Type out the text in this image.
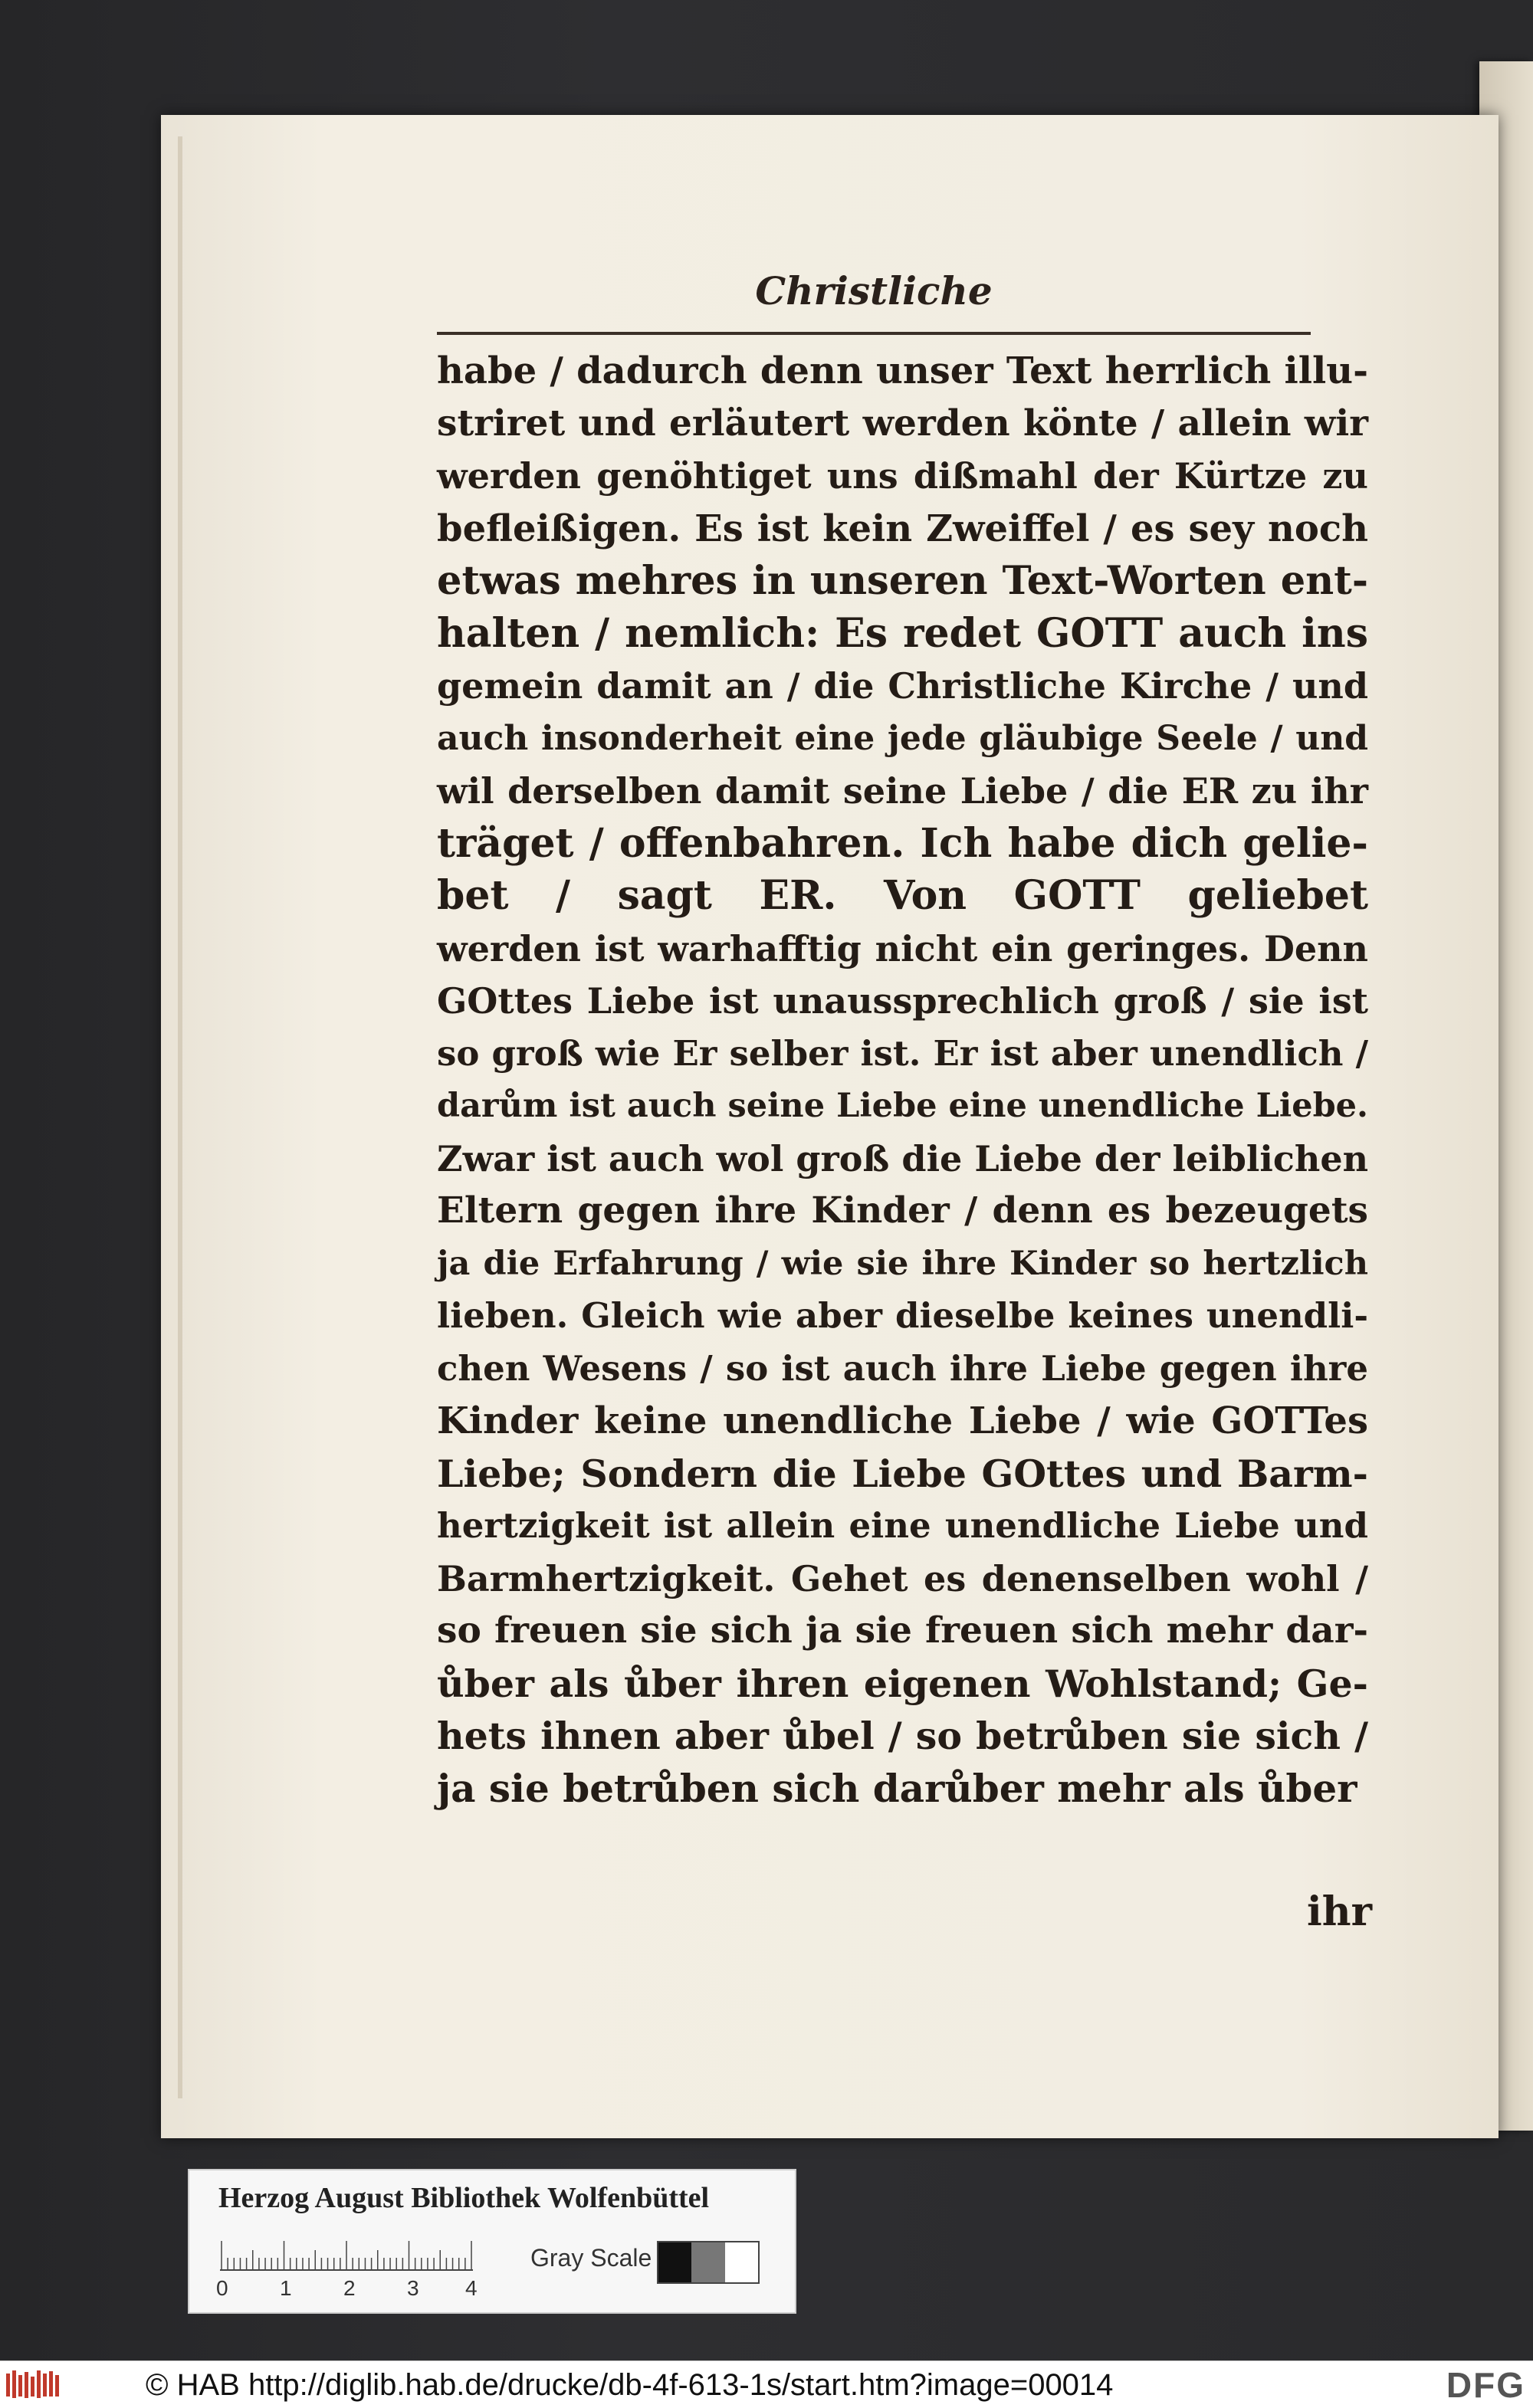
Christliche
habe / dadurch denn unser Text herrlich illu-
striret und erläutert werden könte / allein wir
werden genöhtiget uns dißmahl der Kürtze zu
befleißigen. Es ist kein Zweiffel / es sey noch
etwas mehres in unseren Text-Worten ent-
halten / nemlich: Es redet GOTT auch ins
gemein damit an / die Christliche Kirche / und
auch insonderheit eine jede gläubige Seele / und
wil derselben damit seine Liebe / die ER zu ihr
träget / offenbahren. Ich habe dich gelie-
bet / sagt ER. Von GOTT geliebet
werden ist warhafftig nicht ein geringes. Denn
GOttes Liebe ist unaussprechlich groß / sie ist
so groß wie Er selber ist. Er ist aber unendlich /
darům ist auch seine Liebe eine unendliche Liebe.
Zwar ist auch wol groß die Liebe der leiblichen
Eltern gegen ihre Kinder / denn es bezeugets
ja die Erfahrung / wie sie ihre Kinder so hertzlich
lieben. Gleich wie aber dieselbe keines unendli-
chen Wesens / so ist auch ihre Liebe gegen ihre
Kinder keine unendliche Liebe / wie GOTTes
Liebe; Sondern die Liebe GOttes und Barm-
hertzigkeit ist allein eine unendliche Liebe und
Barmhertzigkeit. Gehet es denenselben wohl /
so freuen sie sich ja sie freuen sich mehr dar-
ůber als ůber ihren eigenen Wohlstand; Ge-
hets ihnen aber ůbel / so betrůben sie sich /
ja sie betrůben sich darůber mehr als ůber
ihr
Herzog August Bibliothek Wolfenbüttel
0 1 2 3 4
Gray Scale
© HAB http://diglib.hab.de/drucke/db-4f-613-1s/start.htm?image=00014	DFG
